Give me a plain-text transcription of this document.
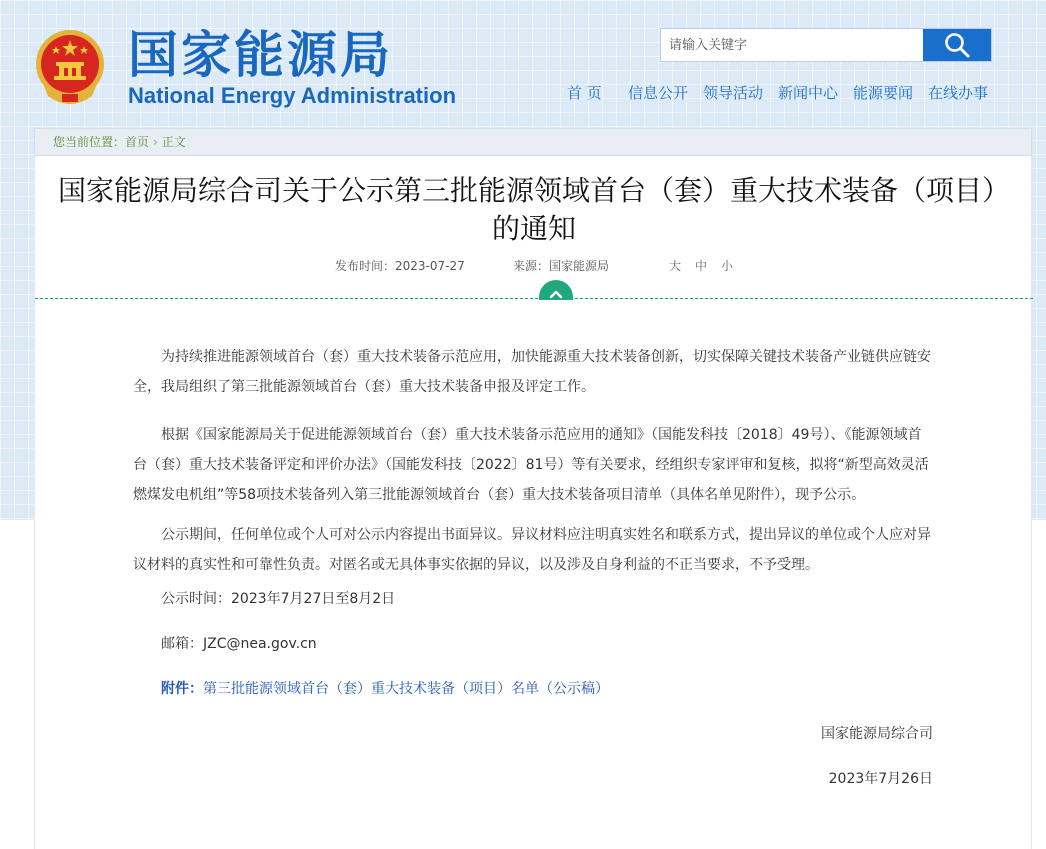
国家能源局
National Energy Administration
请输入关键字	首 页 信息公开 领导活动 新闻中心 能源要闻 在线办事
您当前位置：首页 › 正文
国家能源局综合司关于公示第三批能源领域首台（套）重大技术装备（项目）的通知
发布时间：2023-07-27	来源：国家能源局	大 中 小

为持续推进能源领域首台（套）重大技术装备示范应用，加快能源重大技术装备创新，切实保障关键技术装备产业链供应链安全，我局组织了第三批能源领域首台（套）重大技术装备申报及评定工作。

根据《国家能源局关于促进能源领域首台（套）重大技术装备示范应用的通知》（国能发科技〔2018〕49号）、《能源领域首台（套）重大技术装备评定和评价办法》（国能发科技〔2022〕81号）等有关要求，经组织专家评审和复核，拟将“新型高效灵活燃煤发电机组”等58项技术装备列入第三批能源领域首台（套）重大技术装备项目清单（具体名单见附件），现予公示。

公示期间，任何单位或个人可对公示内容提出书面异议。异议材料应注明真实姓名和联系方式，提出异议的单位或个人应对异议材料的真实性和可靠性负责。对匿名或无具体事实依据的异议，以及涉及自身利益的不正当要求，不予受理。

公示时间：2023年7月27日至8月2日
邮箱：JZC@nea.gov.cn
附件：第三批能源领域首台（套）重大技术装备（项目）名单（公示稿）
国家能源局综合司
2023年7月26日
